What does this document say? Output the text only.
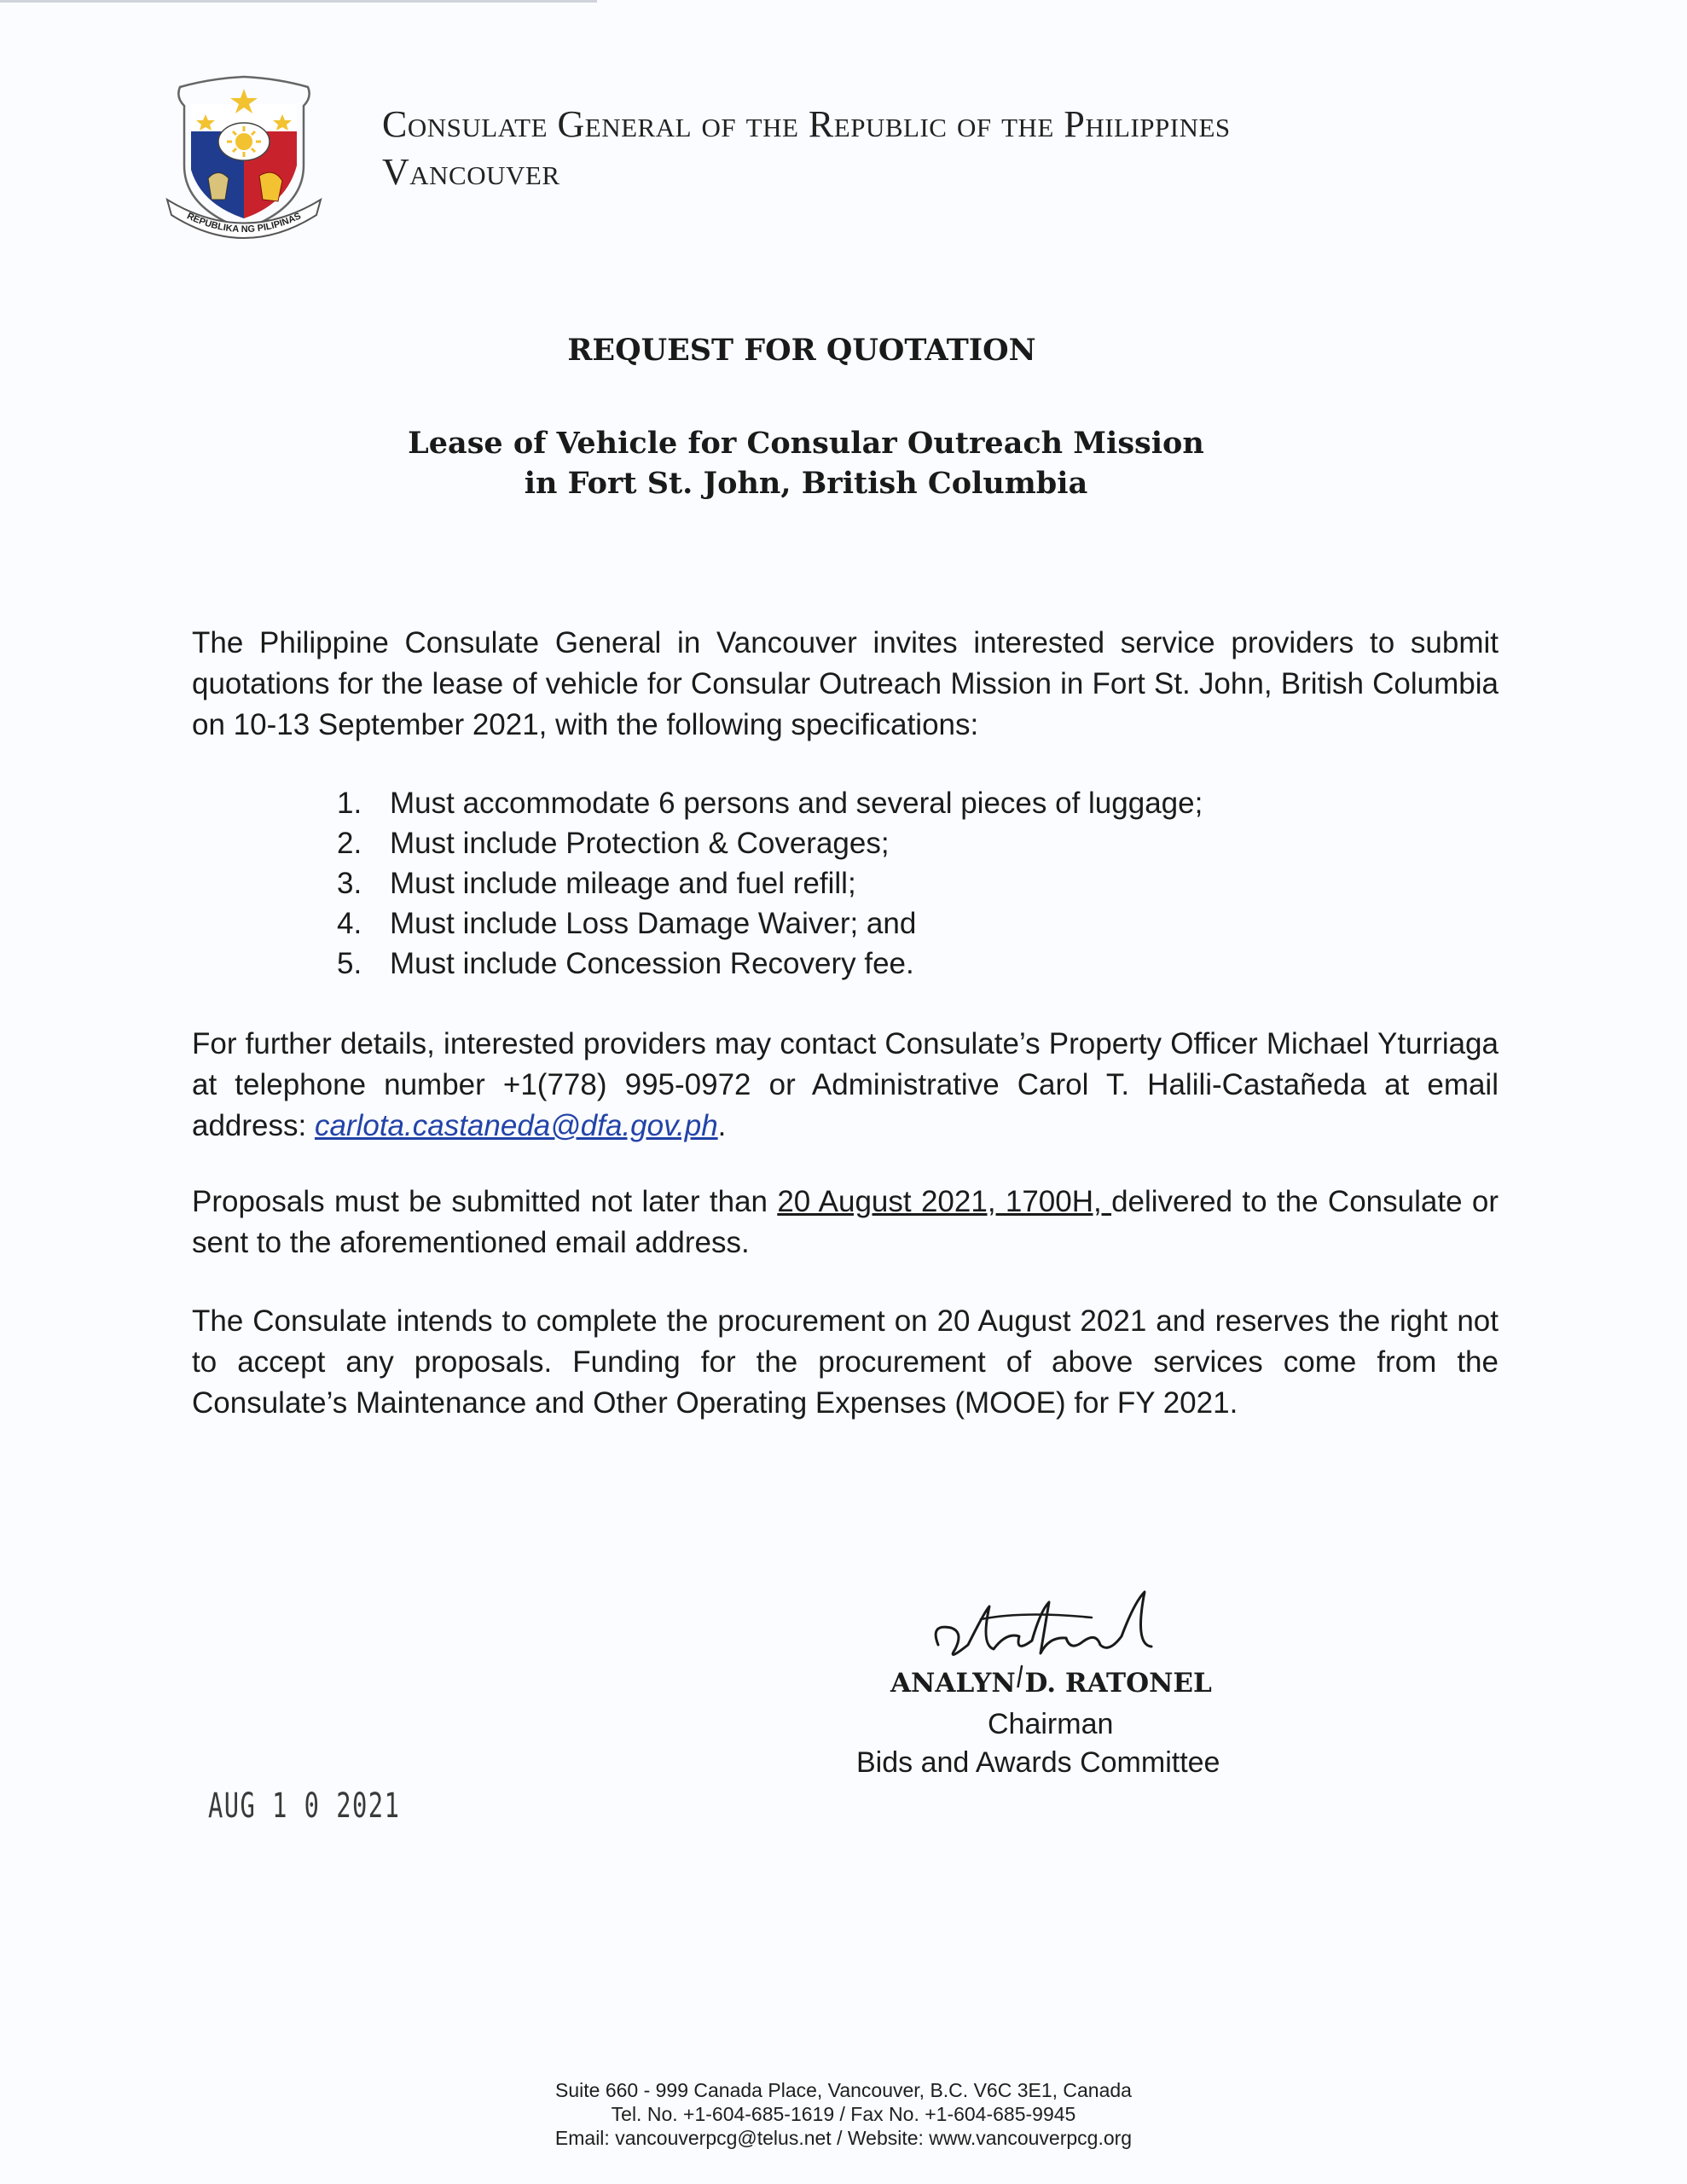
REPUBLIKA NG PILIPINAS
Consulate General of the Republic of the Philippines
Vancouver
REQUEST FOR QUOTATION
Lease of Vehicle for Consular Outreach Mission
in Fort St. John, British Columbia
The Philippine Consulate General in Vancouver invites interested service providers to submit quotations for the lease of vehicle for Consular Outreach Mission in Fort St. John, British Columbia on 10-13 September 2021, with the following specifications:
1. Must accommodate 6 persons and several pieces of luggage;
2. Must include Protection & Coverages;
3. Must include mileage and fuel refill;
4. Must include Loss Damage Waiver; and
5. Must include Concession Recovery fee.
For further details, interested providers may contact Consulate’s Property Officer Michael Yturriaga at telephone number +1(778) 995-0972 or Administrative Carol T. Halili-Castañeda at email address: carlota.castaneda@dfa.gov.ph.
Proposals must be submitted not later than 20 August 2021, 1700H, delivered to the Consulate or sent to the aforementioned email address.
The Consulate intends to complete the procurement on 20 August 2021 and reserves the right not to accept any proposals. Funding for the procurement of above services come from the Consulate’s Maintenance and Other Operating Expenses (MOOE) for FY 2021.
ANALYN D. RATONEL
Chairman
Bids and Awards Committee
AUG 1 0 2021
Suite 660 - 999 Canada Place, Vancouver, B.C. V6C 3E1, Canada
Tel. No. +1-604-685-1619 / Fax No. +1-604-685-9945
Email: vancouverpcg@telus.net / Website: www.vancouverpcg.org
